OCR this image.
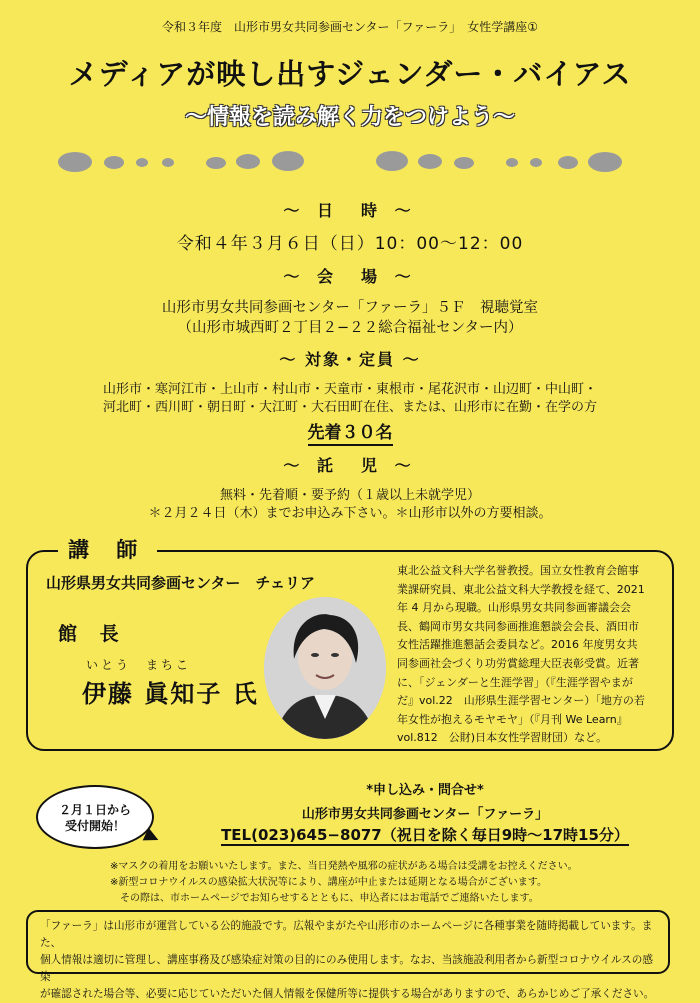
令和３年度　山形市男女共同参画センター「ファーラ」　女性学講座①
メディアが映し出すジェンダー・バイアス
〜情報を読み解く力をつけよう〜
〜 日　時 〜
令和４年３月６日（日）10：00〜12：00
〜 会　場 〜
山形市男女共同参画センター「ファーラ」５Ｆ　視聴覚室
（山形市城西町２丁目２−２２総合福祉センター内）
〜 対象・定員 〜
山形市・寒河江市・上山市・村山市・天童市・東根市・尾花沢市・山辺町・中山町・
河北町・西川町・朝日町・大江町・大石田町在住、または、山形市に在勤・在学の方
先着３０名
〜 託　児 〜
無料・先着順・要予約（１歳以上未就学児）
＊２月２４日（木）までお申込み下さい。＊山形市以外の方要相談。
講 師
山形県男女共同参画センター　チェリア
館 長
いとう　まちこ
伊藤 眞知子 氏
東北公益文科大学名誉教授。国立女性教育会館事
業課研究員、東北公益文科大学教授を経て、2021
年 4 月から現職。山形県男女共同参画審議会会
長、鶴岡市男女共同参画推進懇談会会長、酒田市
女性活躍推進懇話会委員など。2016 年度男女共
同参画社会づくり功労賞総理大臣表彰受賞。近著
に、「ジェンダーと生涯学習」（『生涯学習やまが
だ』vol.22　山形県生涯学習センター）「地方の若
年女性が抱えるモヤモヤ」（『月刊 We Learn』
vol.812　公財)日本女性学習財団）など。
２月１日から
受付開始！
*申し込み・問合せ*
山形市男女共同参画センター「ファーラ」
TEL(023)645−8077（祝日を除く毎日9時〜17時15分）
※マスクの着用をお願いいたします。また、当日発熱や風邪の症状がある場合は受講をお控えください。
※新型コロナウイルスの感染拡大状況等により、講座が中止または延期となる場合がございます。
　その際は、市ホームページでお知らせするとともに、申込者にはお電話でご連絡いたします。
「ファーラ」は山形市が運営している公的施設です。広報やまがたや山形市のホームページに各種事業を随時掲載しています。また、
個人情報は適切に管理し、講座事務及び感染症対策の目的にのみ使用します。なお、当該施設利用者から新型コロナウイルスの感染
が確認された場合等、必要に応じていただいた個人情報を保健所等に提供する場合がありますので、あらかじめご了承ください。
